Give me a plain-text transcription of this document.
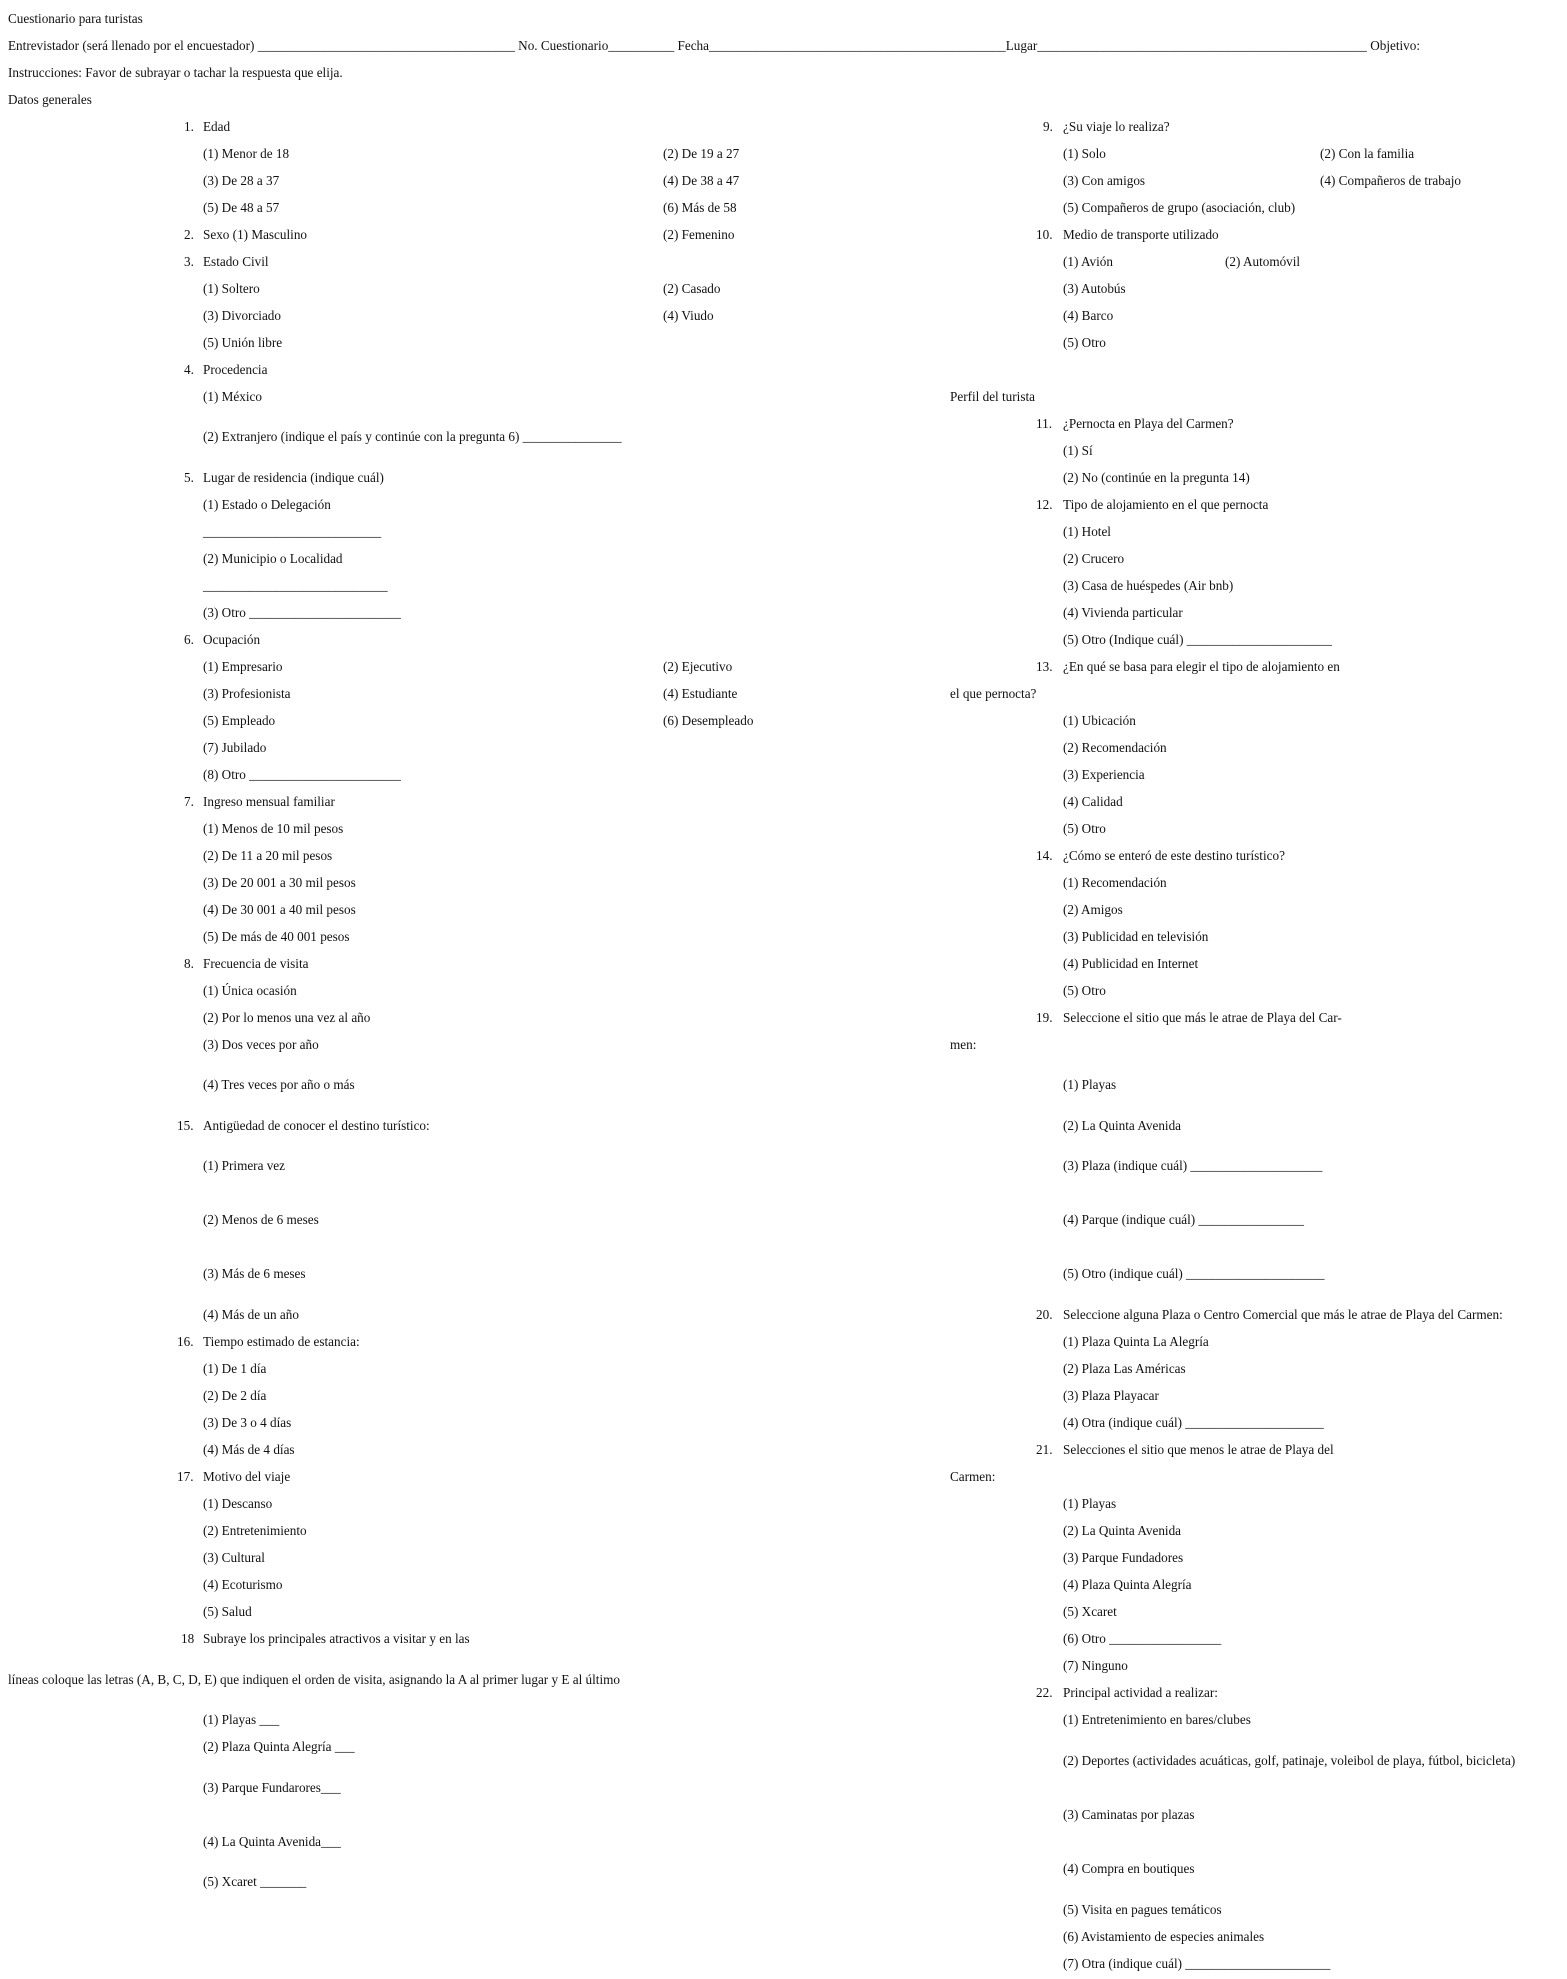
Cuestionario para turistas
Entrevistador (será llenado por el encuestador) _______________________________________ No. Cuestionario__________ Fecha_____________________________________________Lugar__________________________________________________ Objetivo:
Instrucciones: Favor de subrayar o tachar la respuesta que elija.
Datos generales
1. Edad
(1) Menor de 18	(2) De 19 a 27
(3) De 28 a 37	(4) De 38 a 47
(5) De 48 a 57	(6) Más de 58
2. Sexo (1) Masculino	(2) Femenino
3. Estado Civil
(1) Soltero	(2) Casado
(3) Divorciado	(4) Viudo
(5) Unión libre
4. Procedencia
(1) México
(2) Extranjero (indique el país y continúe con la pregunta 6) _______________
5. Lugar de residencia (indique cuál)
(1) Estado o Delegación
___________________________
(2) Municipio o Localidad
____________________________
(3) Otro _______________________
6. Ocupación
(1) Empresario	(2) Ejecutivo
(3) Profesionista	(4) Estudiante
(5) Empleado	(6) Desempleado
(7) Jubilado
(8) Otro _______________________
7. Ingreso mensual familiar
(1) Menos de 10 mil pesos
(2) De 11 a 20 mil pesos
(3) De 20 001 a 30 mil pesos
(4) De 30 001 a 40 mil pesos
(5) De más de 40 001 pesos
8. Frecuencia de visita
(1) Única ocasión
(2) Por lo menos una vez al año
(3) Dos veces por año
(4) Tres veces por año o más
15. Antigüedad de conocer el destino turístico:
(1) Primera vez
(2) Menos de 6 meses
(3) Más de 6 meses
(4) Más de un año
16. Tiempo estimado de estancia:
(1) De 1 día
(2) De 2 día
(3) De 3 o 4 días
(4) Más de 4 días
17. Motivo del viaje
(1) Descanso
(2) Entretenimiento
(3) Cultural
(4) Ecoturismo
(5) Salud
18 Subraye los principales atractivos a visitar y en las
líneas coloque las letras (A, B, C, D, E) que indiquen el orden de visita, asignando la A al primer lugar y E al último
(1) Playas ___
(2) Plaza Quinta Alegría ___
(3) Parque Fundarores___
(4) La Quinta Avenida___
(5) Xcaret _______
9. ¿Su viaje lo realiza?
(1) Solo	(2) Con la familia
(3) Con amigos	(4) Compañeros de trabajo
(5) Compañeros de grupo (asociación, club)
10. Medio de transporte utilizado
(1) Avión	(2) Automóvil
(3) Autobús
(4) Barco
(5) Otro
Perfil del turista
11. ¿Pernocta en Playa del Carmen?
(1) Sí
(2) No (continúe en la pregunta 14)
12. Tipo de alojamiento en el que pernocta
(1) Hotel
(2) Crucero
(3) Casa de huéspedes (Air bnb)
(4) Vivienda particular
(5) Otro (Indique cuál) ______________________
13. ¿En qué se basa para elegir el tipo de alojamiento en
el que pernocta?
(1) Ubicación
(2) Recomendación
(3) Experiencia
(4) Calidad
(5) Otro
14. ¿Cómo se enteró de este destino turístico?
(1) Recomendación
(2) Amigos
(3) Publicidad en televisión
(4) Publicidad en Internet
(5) Otro
19. Seleccione el sitio que más le atrae de Playa del Car-
men:
(1) Playas
(2) La Quinta Avenida
(3) Plaza (indique cuál) ____________________
(4) Parque (indique cuál) ________________
(5) Otro (indique cuál) _____________________
20. Seleccione alguna Plaza o Centro Comercial que más le atrae de Playa del Carmen:
(1) Plaza Quinta La Alegría
(2) Plaza Las Américas
(3) Plaza Playacar
(4) Otra (indique cuál) _____________________
21. Selecciones el sitio que menos le atrae de Playa del
Carmen:
(1) Playas
(2) La Quinta Avenida
(3) Parque Fundadores
(4) Plaza Quinta Alegría
(5) Xcaret
(6) Otro _________________
(7) Ninguno
22. Principal actividad a realizar:
(1) Entretenimiento en bares/clubes
(2) Deportes (actividades acuáticas, golf, patinaje, voleibol de playa, fútbol, bicicleta)
(3) Caminatas por plazas
(4) Compra en boutiques
(5) Visita en pagues temáticos
(6) Avistamiento de especies animales
(7) Otra (indique cuál) ______________________
